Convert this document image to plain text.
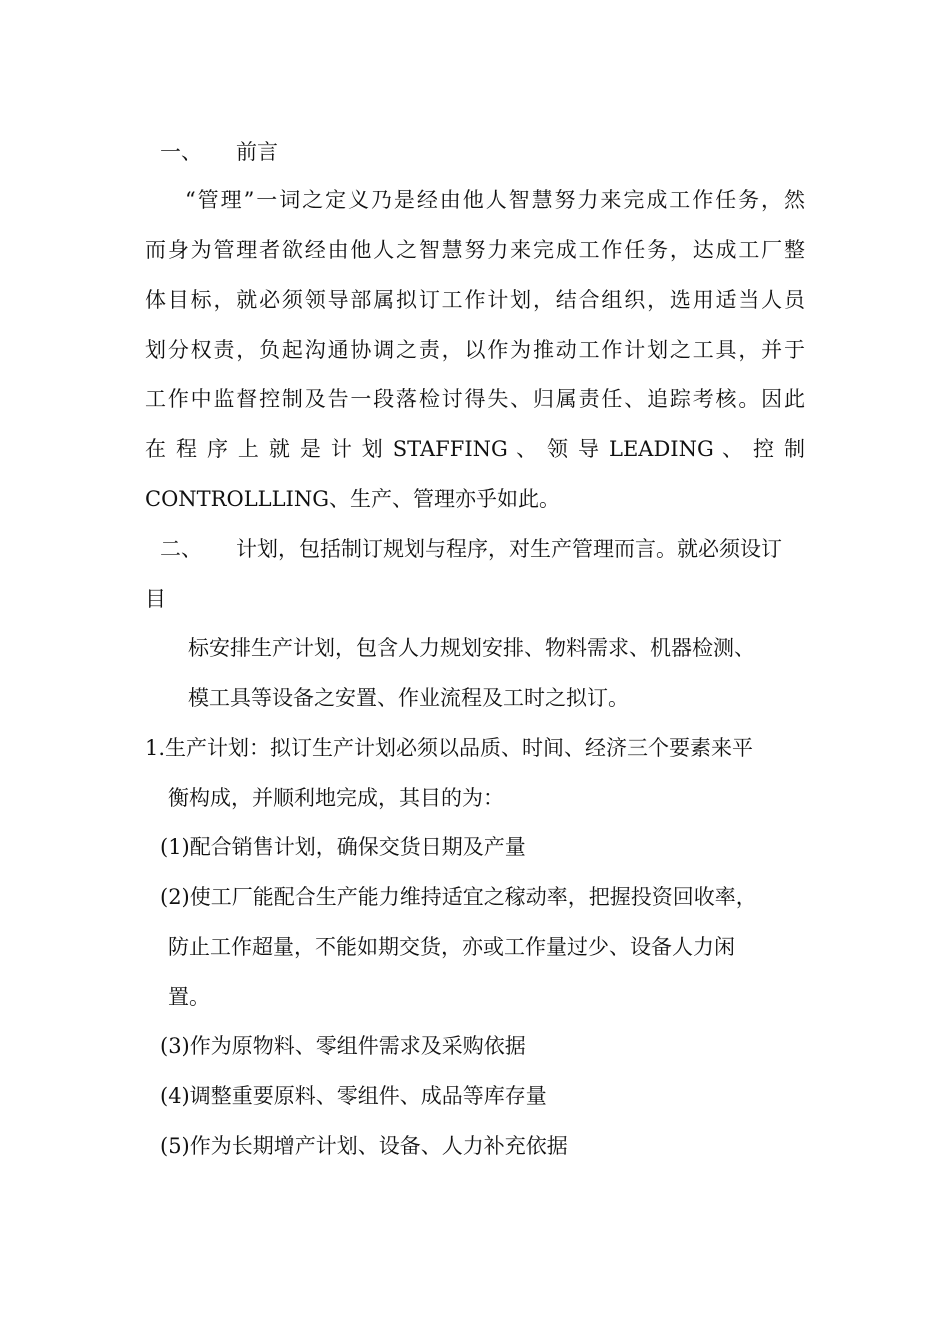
一、 前言
“管理”一词之定义乃是经由他人智慧努力来完成工作任务，然
而身为管理者欲经由他人之智慧努力来完成工作任务，达成工厂整
体目标，就必须领导部属拟订工作计划，结合组织，选用适当人员
划分权责，负起沟通协调之责，以作为推动工作计划之工具，并于
工作中监督控制及告一段落检讨得失、归属责任、追踪考核。因此
在 程 序 上 就 是 计 划 STAFFING 、 领 导 LEADING 、 控 制
CONTROLLLING、生产、管理亦乎如此。
二、 计划，包括制订规划与程序，对生产管理而言。就必须设订
目
标安排生产计划，包含人力规划安排、物料需求、机器检测、
模工具等设备之安置、作业流程及工时之拟订。
1.生产计划：拟订生产计划必须以品质、时间、经济三个要素来平
衡构成，并顺利地完成，其目的为：
(1)配合销售计划，确保交货日期及产量
(2)使工厂能配合生产能力维持适宜之稼动率，把握投资回收率，
防止工作超量，不能如期交货，亦或工作量过少、设备人力闲
置。
(3)作为原物料、零组件需求及采购依据
(4)调整重要原料、零组件、成品等库存量
(5)作为长期增产计划、设备、人力补充依据
